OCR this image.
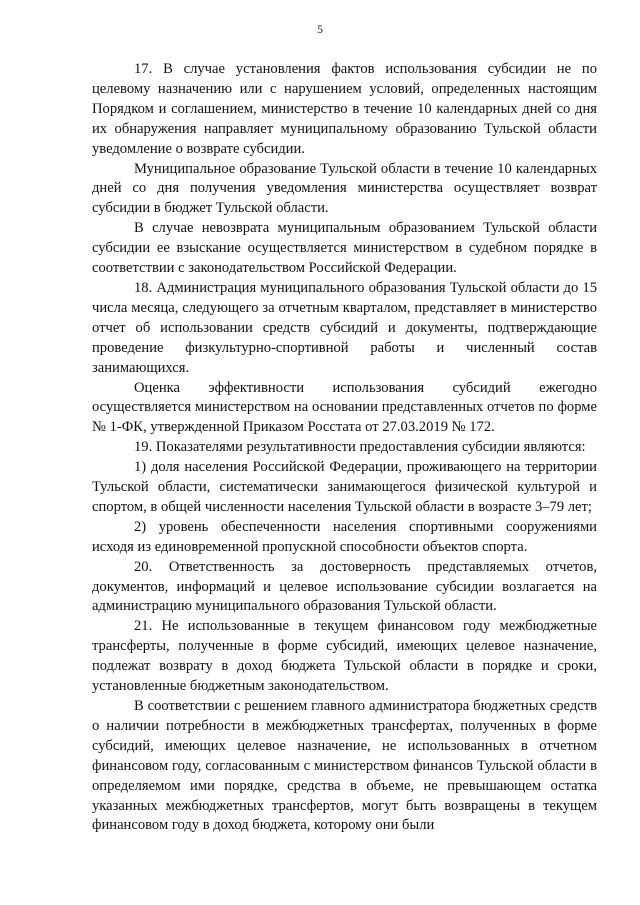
5

17. В случае установления фактов использования субсидии не по целевому назначению или с нарушением условий, определенных настоящим Порядком и соглашением, министерство в течение 10 календарных дней со дня их обнаружения направляет муниципальному образованию Тульской области уведомление о возврате субсидии.

Муниципальное образование Тульской области в течение 10 календарных дней со дня получения уведомления министерства осуществляет возврат субсидии в бюджет Тульской области.

В случае невозврата муниципальным образованием Тульской области субсидии ее взыскание осуществляется министерством в судебном порядке в соответствии с законодательством Российской Федерации.

18. Администрация муниципального образования Тульской области до 15 числа месяца, следующего за отчетным кварталом, представляет в министерство отчет об использовании средств субсидий и документы, подтверждающие проведение физкультурно-спортивной работы и численный состав занимающихся.

Оценка эффективности использования субсидий ежегодно осуществляется министерством на основании представленных отчетов по форме № 1-ФК, утвержденной Приказом Росстата от 27.03.2019 № 172.

19. Показателями результативности предоставления субсидии являются:

1) доля населения Российской Федерации, проживающего на территории Тульской области, систематически занимающегося физической культурой и спортом, в общей численности населения Тульской области в возрасте 3–79 лет;

2) уровень обеспеченности населения спортивными сооружениями исходя из единовременной пропускной способности объектов спорта.

20. Ответственность за достоверность представляемых отчетов, документов, информаций и целевое использование субсидии возлагается на администрацию муниципального образования Тульской области.

21. Не использованные в текущем финансовом году межбюджетные трансферты, полученные в форме субсидий, имеющих целевое назначение, подлежат возврату в доход бюджета Тульской области в порядке и сроки, установленные бюджетным законодательством.

В соответствии с решением главного администратора бюджетных средств о наличии потребности в межбюджетных трансфертах, полученных в форме субсидий, имеющих целевое назначение, не использованных в отчетном финансовом году, согласованным с министерством финансов Тульской области в определяемом ими порядке, средства в объеме, не превышающем остатка указанных межбюджетных трансфертов, могут быть возвращены в текущем финансовом году в доход бюджета, которому они были
